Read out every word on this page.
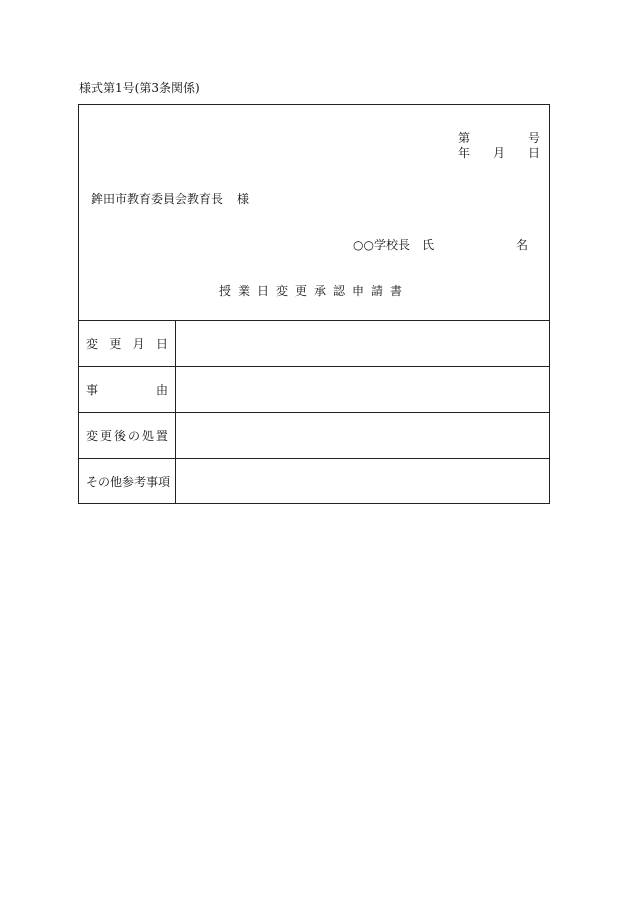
様式第1号(第3条関係)
第	号
年 月 日
鉾田市教育委員会教育長 様
○○学校長　氏	名
授業日変更承認申請書
変 更 月 日
事	由
変 更 後 の 処 置
そ の 他 参 考 事 項
